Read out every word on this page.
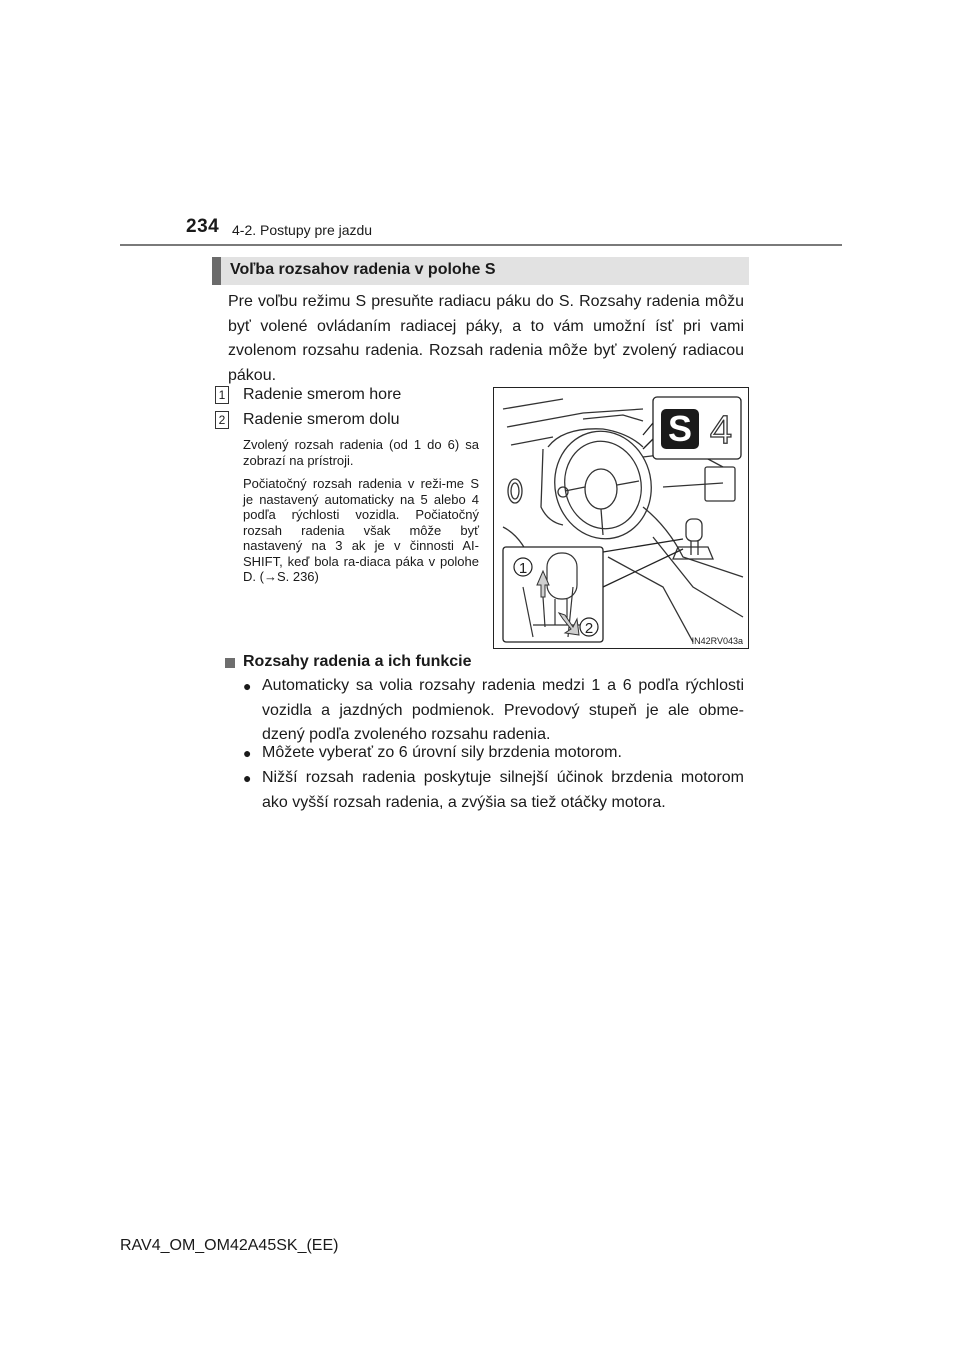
234 4-2. Postupy pre jazdu
Voľba rozsahov radenia v polohe S

Pre voľbu režimu S presuňte radiacu páku do S. Rozsahy radenia môžu byť volené ovládaním radiacej páky, a to vám umožní ísť pri vami zvolenom rozsahu radenia. Rozsah radenia môže byť zvolený radiacou pákou.

1 Radenie smerom hore
2 Radenie smerom dolu

Zvolený rozsah radenia (od 1 do 6) sa zobrazí na prístroji.

Počiatočný rozsah radenia v reži-me S je nastavený automaticky na 5 alebo 4 podľa rýchlosti vozidla. Počiatočný rozsah radenia však môže byť nastavený na 3 ak je v činnosti AI-SHIFT, keď bola ra-diaca páka v polohe D. (→S. 236)

S 4
1
2
IN42RV043a
Rozsahy radenia a ich funkcie
● Automaticky sa volia rozsahy radenia medzi 1 a 6 podľa rýchlosti vozidla a jazdných podmienok. Prevodový stupeň je ale obme-dzený podľa zvoleného rozsahu radenia.

● Môžete vyberať zo 6 úrovní sily brzdenia motorom.

● Nižší rozsah radenia poskytuje silnejší účinok brzdenia motorom ako vyšší rozsah radenia, a zvýšia sa tiež otáčky motora.

RAV4_OM_OM42A45SK_(EE)
